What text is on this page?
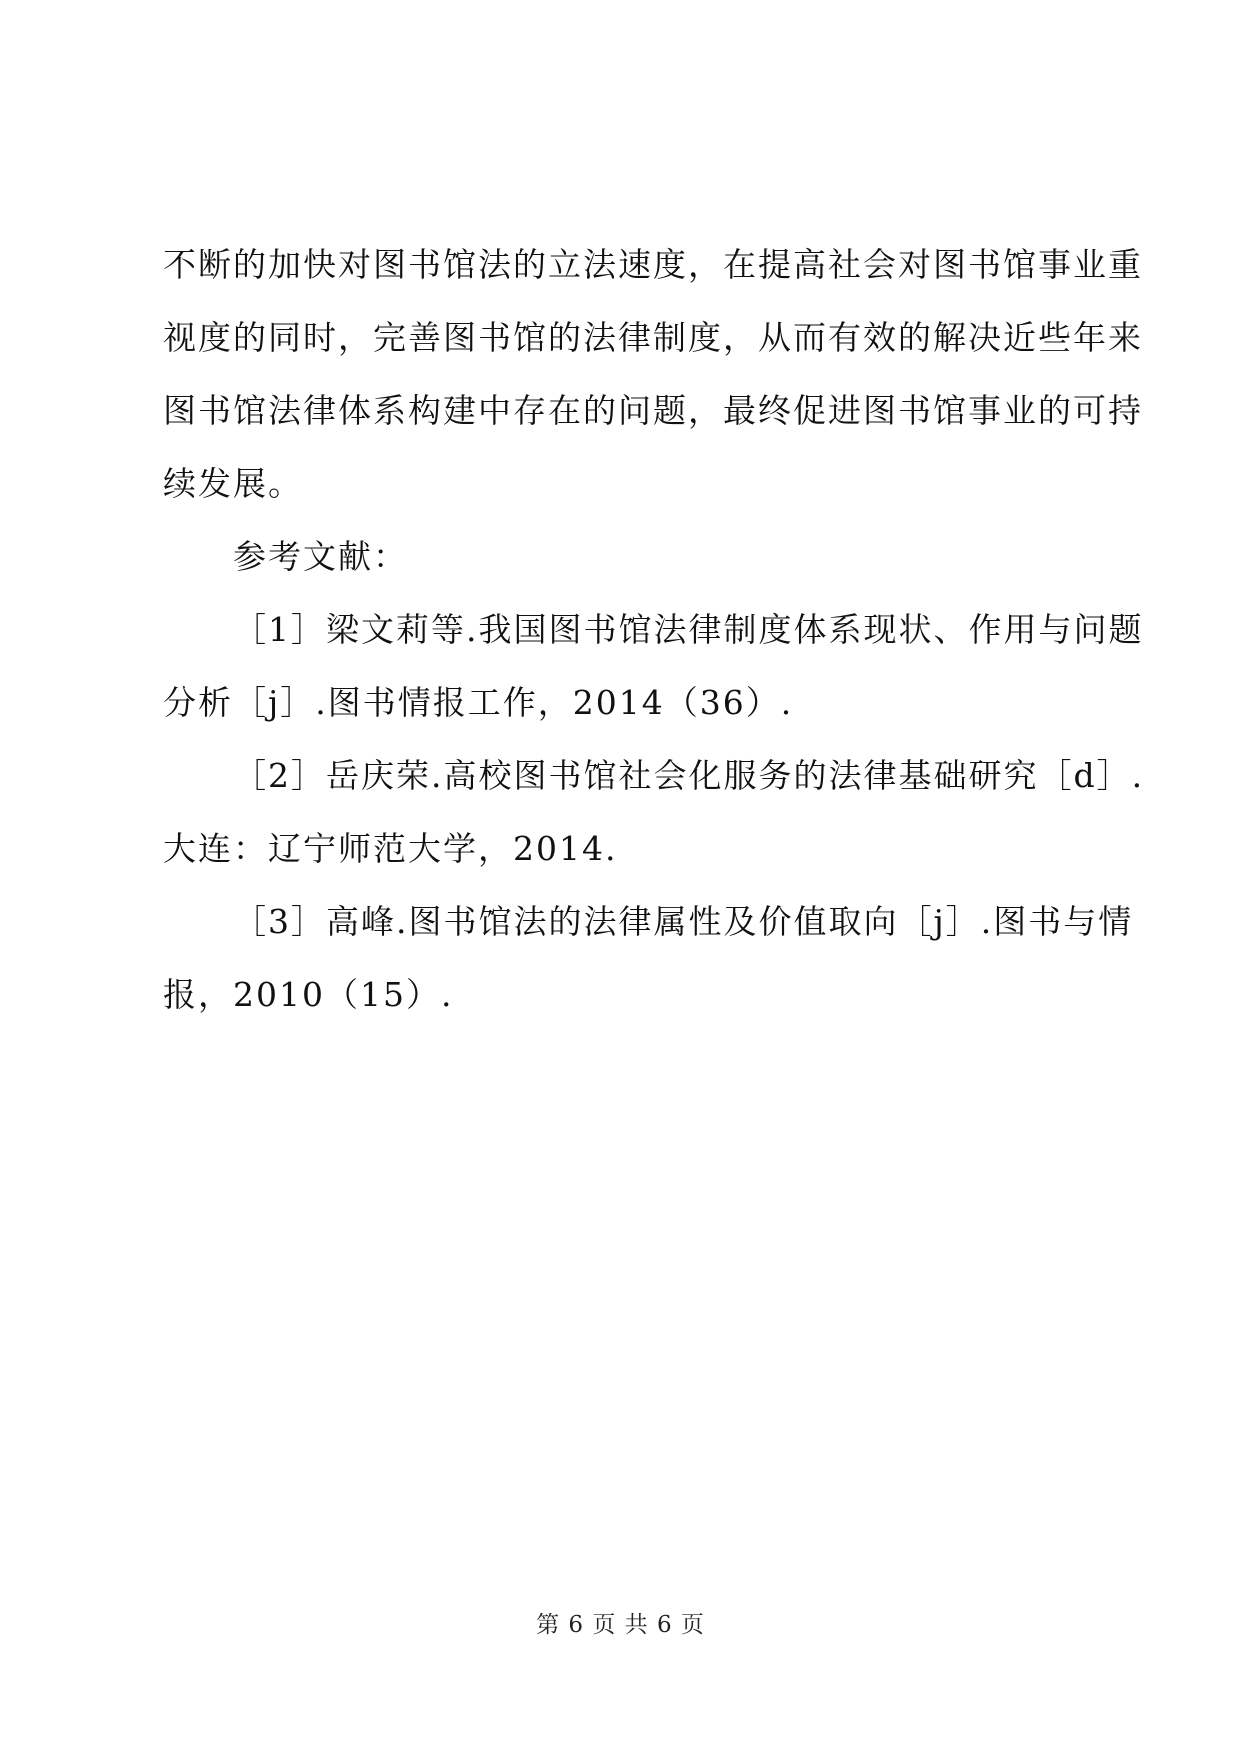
不断的加快对图书馆法的立法速度，在提高社会对图书馆事业重

视度的同时，完善图书馆的法律制度，从而有效的解决近些年来

图书馆法律体系构建中存在的问题，最终促进图书馆事业的可持

续发展。

参考文献：

［1］梁文莉等.我国图书馆法律制度体系现状、作用与问题

分析［j］.图书情报工作，2014（36）.

［2］岳庆荣.高校图书馆社会化服务的法律基础研究［d］.

大连：辽宁师范大学，2014.

［3］高峰.图书馆法的法律属性及价值取向［j］.图书与情

报，2010（15）.

第 6 页 共 6 页
